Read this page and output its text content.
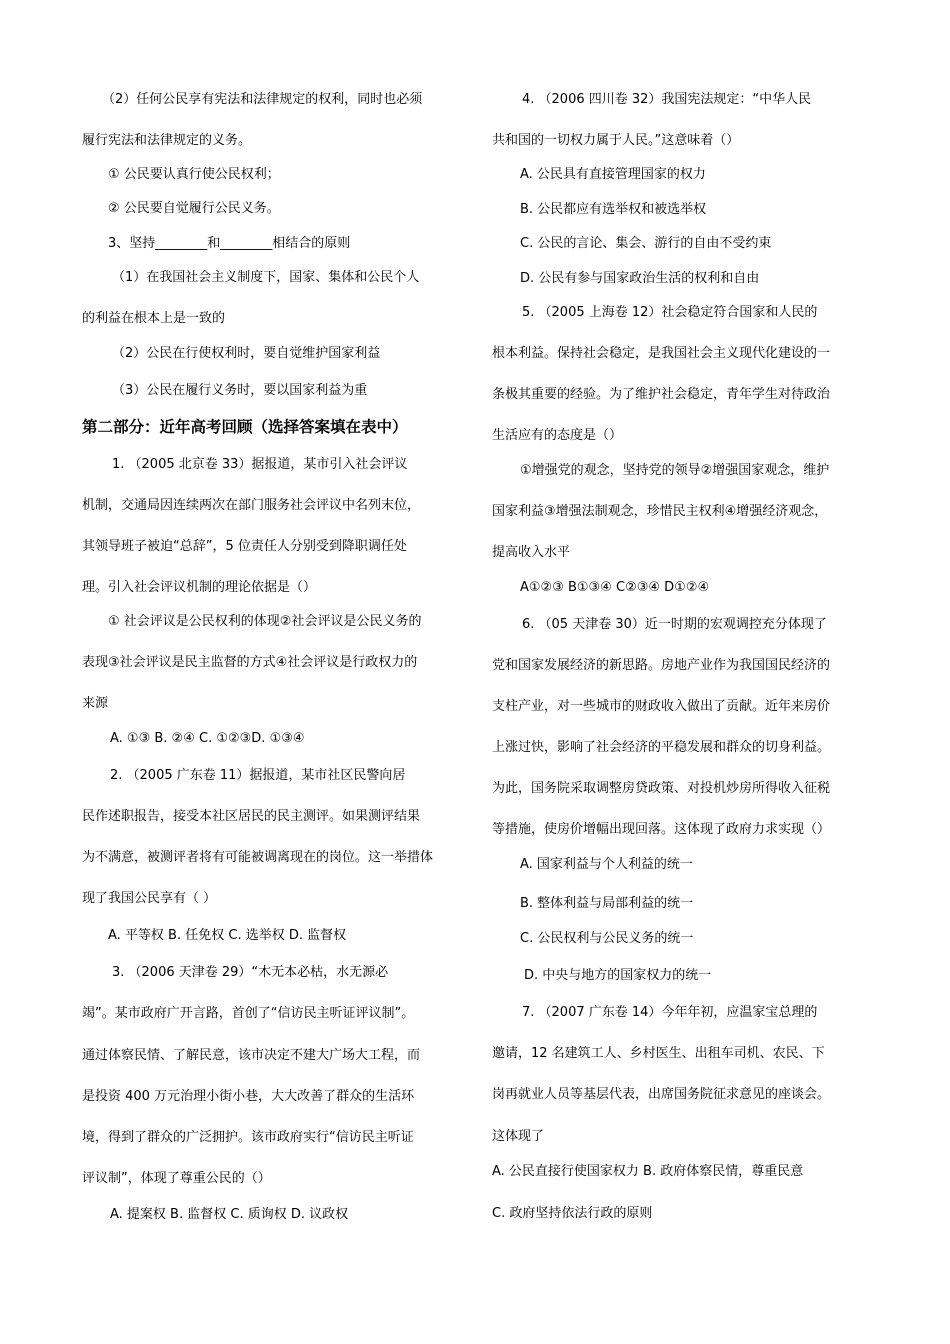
（2）任何公民享有宪法和法律规定的权利，同时也必须
履行宪法和法律规定的义务。
① 公民要认真行使公民权利；
② 公民要自觉履行公民义务。
3、坚持________和________相结合的原则
（1）在我国社会主义制度下，国家、集体和公民个人
的利益在根本上是一致的
（2）公民在行使权利时，要自觉维护国家利益
（3）公民在履行义务时，要以国家利益为重
第二部分：近年高考回顾（选择答案填在表中）
1. （2005 北京卷 33）据报道，某市引入社会评议
机制，交通局因连续两次在部门服务社会评议中名列末位，
其领导班子被迫“总辞”，5 位责任人分别受到降职调任处
理。引入社会评议机制的理论依据是（）
① 社会评议是公民权利的体现②社会评议是公民义务的
表现③社会评议是民主监督的方式④社会评议是行政权力的
来源
A. ①③ B. ②④ C. ①②③D. ①③④
2. （2005 广东卷 11）据报道，某市社区民警向居
民作述职报告，接受本社区居民的民主测评。如果测评结果
为不满意，被测评者将有可能被调离现在的岗位。这一举措体
现了我国公民享有（ ）
A. 平等权 B. 任免权 C. 选举权 D. 监督权
3. （2006 天津卷 29）“木无本必枯，水无源必
竭”。某市政府广开言路，首创了“信访民主听证评议制”。
通过体察民情、了解民意，该市决定不建大广场大工程，而
是投资 400 万元治理小街小巷，大大改善了群众的生活环
境，得到了群众的广泛拥护。该市政府实行“信访民主听证
评议制”，体现了尊重公民的（）
A. 提案权 B. 监督权 C. 质询权 D. 议政权
4. （2006 四川卷 32）我国宪法规定：“中华人民
共和国的一切权力属于人民。”这意味着（）
A. 公民具有直接管理国家的权力
B. 公民都应有选举权和被选举权
C. 公民的言论、集会、游行的自由不受约束
D. 公民有参与国家政治生活的权利和自由
5. （2005 上海卷 12）社会稳定符合国家和人民的
根本利益。保持社会稳定，是我国社会主义现代化建设的一
条极其重要的经验。为了维护社会稳定，青年学生对待政治
生活应有的态度是（）
①增强党的观念，坚持党的领导②增强国家观念，维护
国家利益③增强法制观念，珍惜民主权利④增强经济观念，
提高收入水平
A①②③ B①③④ C②③④ D①②④
6. （05 天津卷 30）近一时期的宏观调控充分体现了
党和国家发展经济的新思路。房地产业作为我国国民经济的
支柱产业，对一些城市的财政收入做出了贡献。近年来房价
上涨过快，影响了社会经济的平稳发展和群众的切身利益。
为此，国务院采取调整房贷政策、对投机炒房所得收入征税
等措施，使房价增幅出现回落。这体现了政府力求实现（）
A. 国家利益与个人利益的统一
B. 整体利益与局部利益的统一
C. 公民权利与公民义务的统一
D. 中央与地方的国家权力的统一
7. （2007 广东卷 14）今年年初，应温家宝总理的
邀请，12 名建筑工人、乡村医生、出租车司机、农民、下
岗再就业人员等基层代表，出席国务院征求意见的座谈会。
这体现了
A. 公民直接行使国家权力 B. 政府体察民情，尊重民意
C. 政府坚持依法行政的原则
